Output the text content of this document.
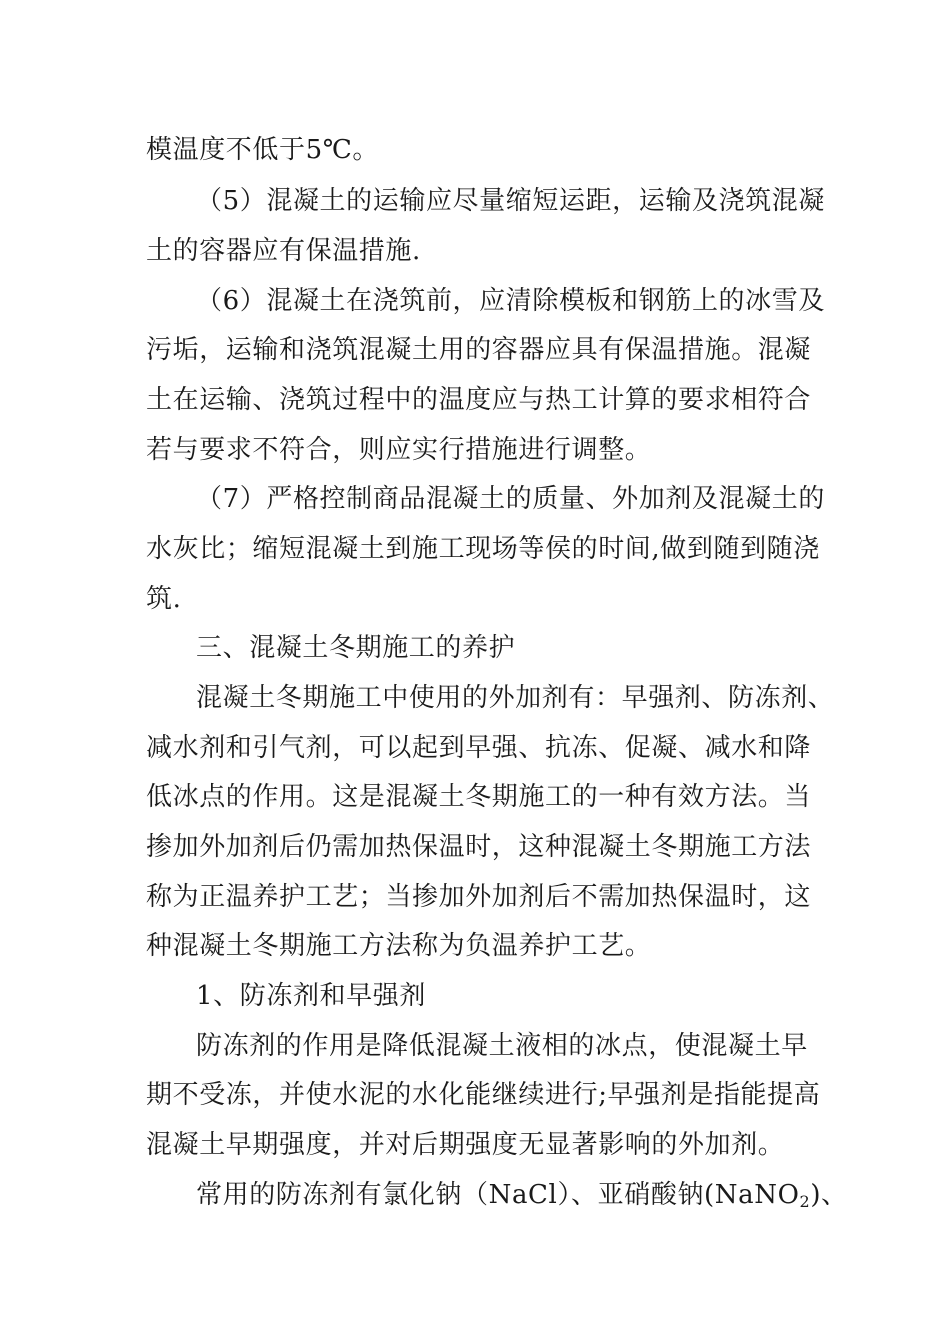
模温度不低于5℃。
（5）混凝土的运输应尽量缩短运距，运输及浇筑混凝
土的容器应有保温措施.
（6）混凝土在浇筑前，应清除模板和钢筋上的冰雪及
污垢，运输和浇筑混凝土用的容器应具有保温措施。混凝
土在运输、浇筑过程中的温度应与热工计算的要求相符合
若与要求不符合，则应实行措施进行调整。
（7）严格控制商品混凝土的质量、外加剂及混凝土的
水灰比；缩短混凝土到施工现场等侯的时间,做到随到随浇
筑.
三、混凝土冬期施工的养护
混凝土冬期施工中使用的外加剂有：早强剂、防冻剂、
减水剂和引气剂，可以起到早强、抗冻、促凝、减水和降
低冰点的作用。这是混凝土冬期施工的一种有效方法。当
掺加外加剂后仍需加热保温时，这种混凝土冬期施工方法
称为正温养护工艺；当掺加外加剂后不需加热保温时，这
种混凝土冬期施工方法称为负温养护工艺。
1、防冻剂和早强剂
防冻剂的作用是降低混凝土液相的冰点，使混凝土早
期不受冻，并使水泥的水化能继续进行;早强剂是指能提高
混凝土早期强度，并对后期强度无显著影响的外加剂。
常用的防冻剂有氯化钠（NaCl）、亚硝酸钠(NaNO$_2$)、
